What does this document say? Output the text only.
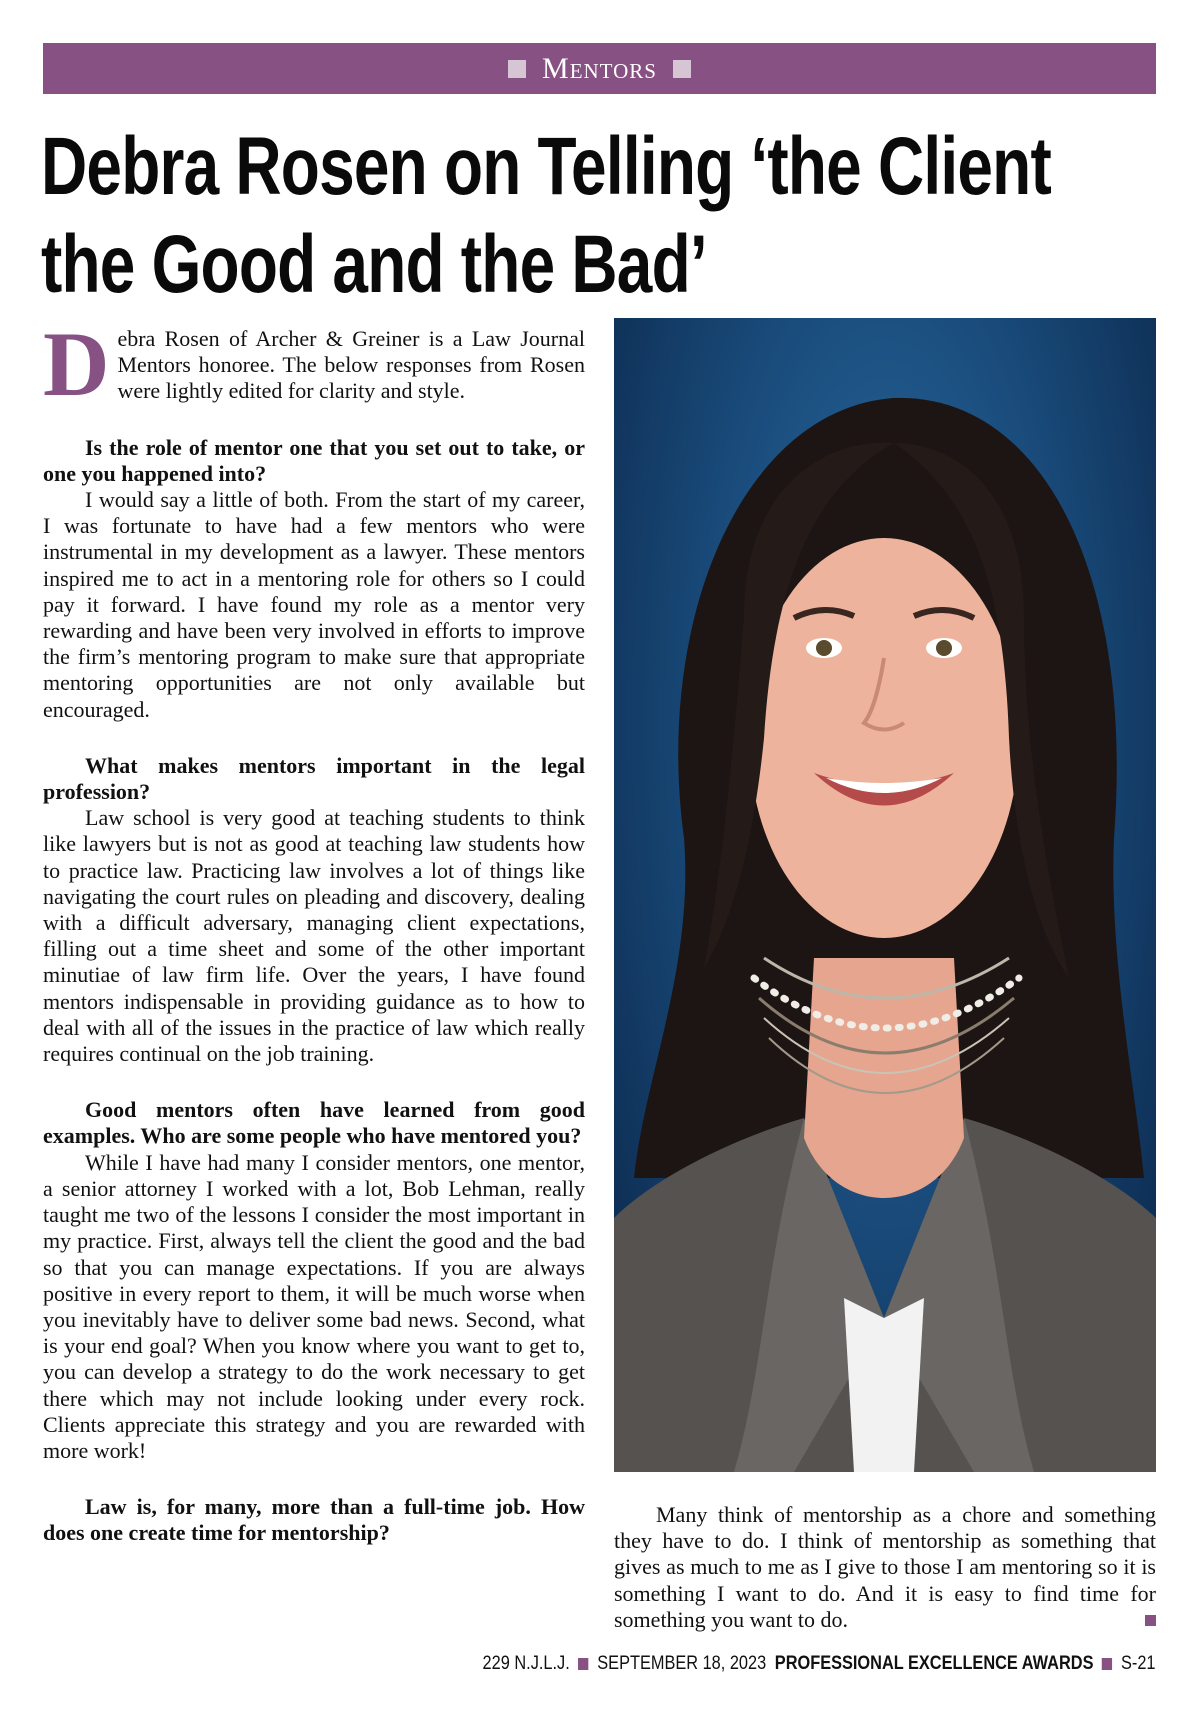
Mentors
Debra Rosen on Telling ‘the Client the Good and the Bad’

Debra Rosen of Archer & Greiner is a Law Journal Mentors honoree. The below responses from Rosen were lightly edited for clarity and style.

Is the role of mentor one that you set out to take, or one you happened into?

I would say a little of both. From the start of my career, I was fortunate to have had a few mentors who were instrumental in my development as a lawyer. These mentors inspired me to act in a mentoring role for others so I could pay it forward. I have found my role as a mentor very rewarding and have been very involved in efforts to improve the firm’s mentoring program to make sure that appropriate mentoring opportunities are not only available but encouraged.

What makes mentors important in the legal profession?

Law school is very good at teaching students to think like lawyers but is not as good at teaching law students how to practice law. Practicing law involves a lot of things like navigating the court rules on pleading and discovery, dealing with a difficult adversary, managing client expectations, filling out a time sheet and some of the other important minutiae of law firm life. Over the years, I have found mentors indispensable in providing guidance as to how to deal with all of the issues in the practice of law which really requires continual on the job training.

Good mentors often have learned from good examples. Who are some people who have mentored you?

While I have had many I consider mentors, one mentor, a senior attorney I worked with a lot, Bob Lehman, really taught me two of the lessons I consider the most important in my practice. First, always tell the client the good and the bad so that you can manage expectations. If you are always positive in every report to them, it will be much worse when you inevitably have to deliver some bad news. Second, what is your end goal? When you know where you want to get to, you can develop a strategy to do the work necessary to get there which may not include looking under every rock. Clients appreciate this strategy and you are rewarded with more work!

Law is, for many, more than a full-time job. How does one create time for mentorship?

Many think of mentorship as a chore and something they have to do. I think of mentorship as something that gives as much to me as I give to those I am mentoring so it is something I want to do. And it is easy to find time for something you want to do.

229 N.J.L.J. SEPTEMBER 18, 2023 PROFESSIONAL EXCELLENCE AWARDS S-21
